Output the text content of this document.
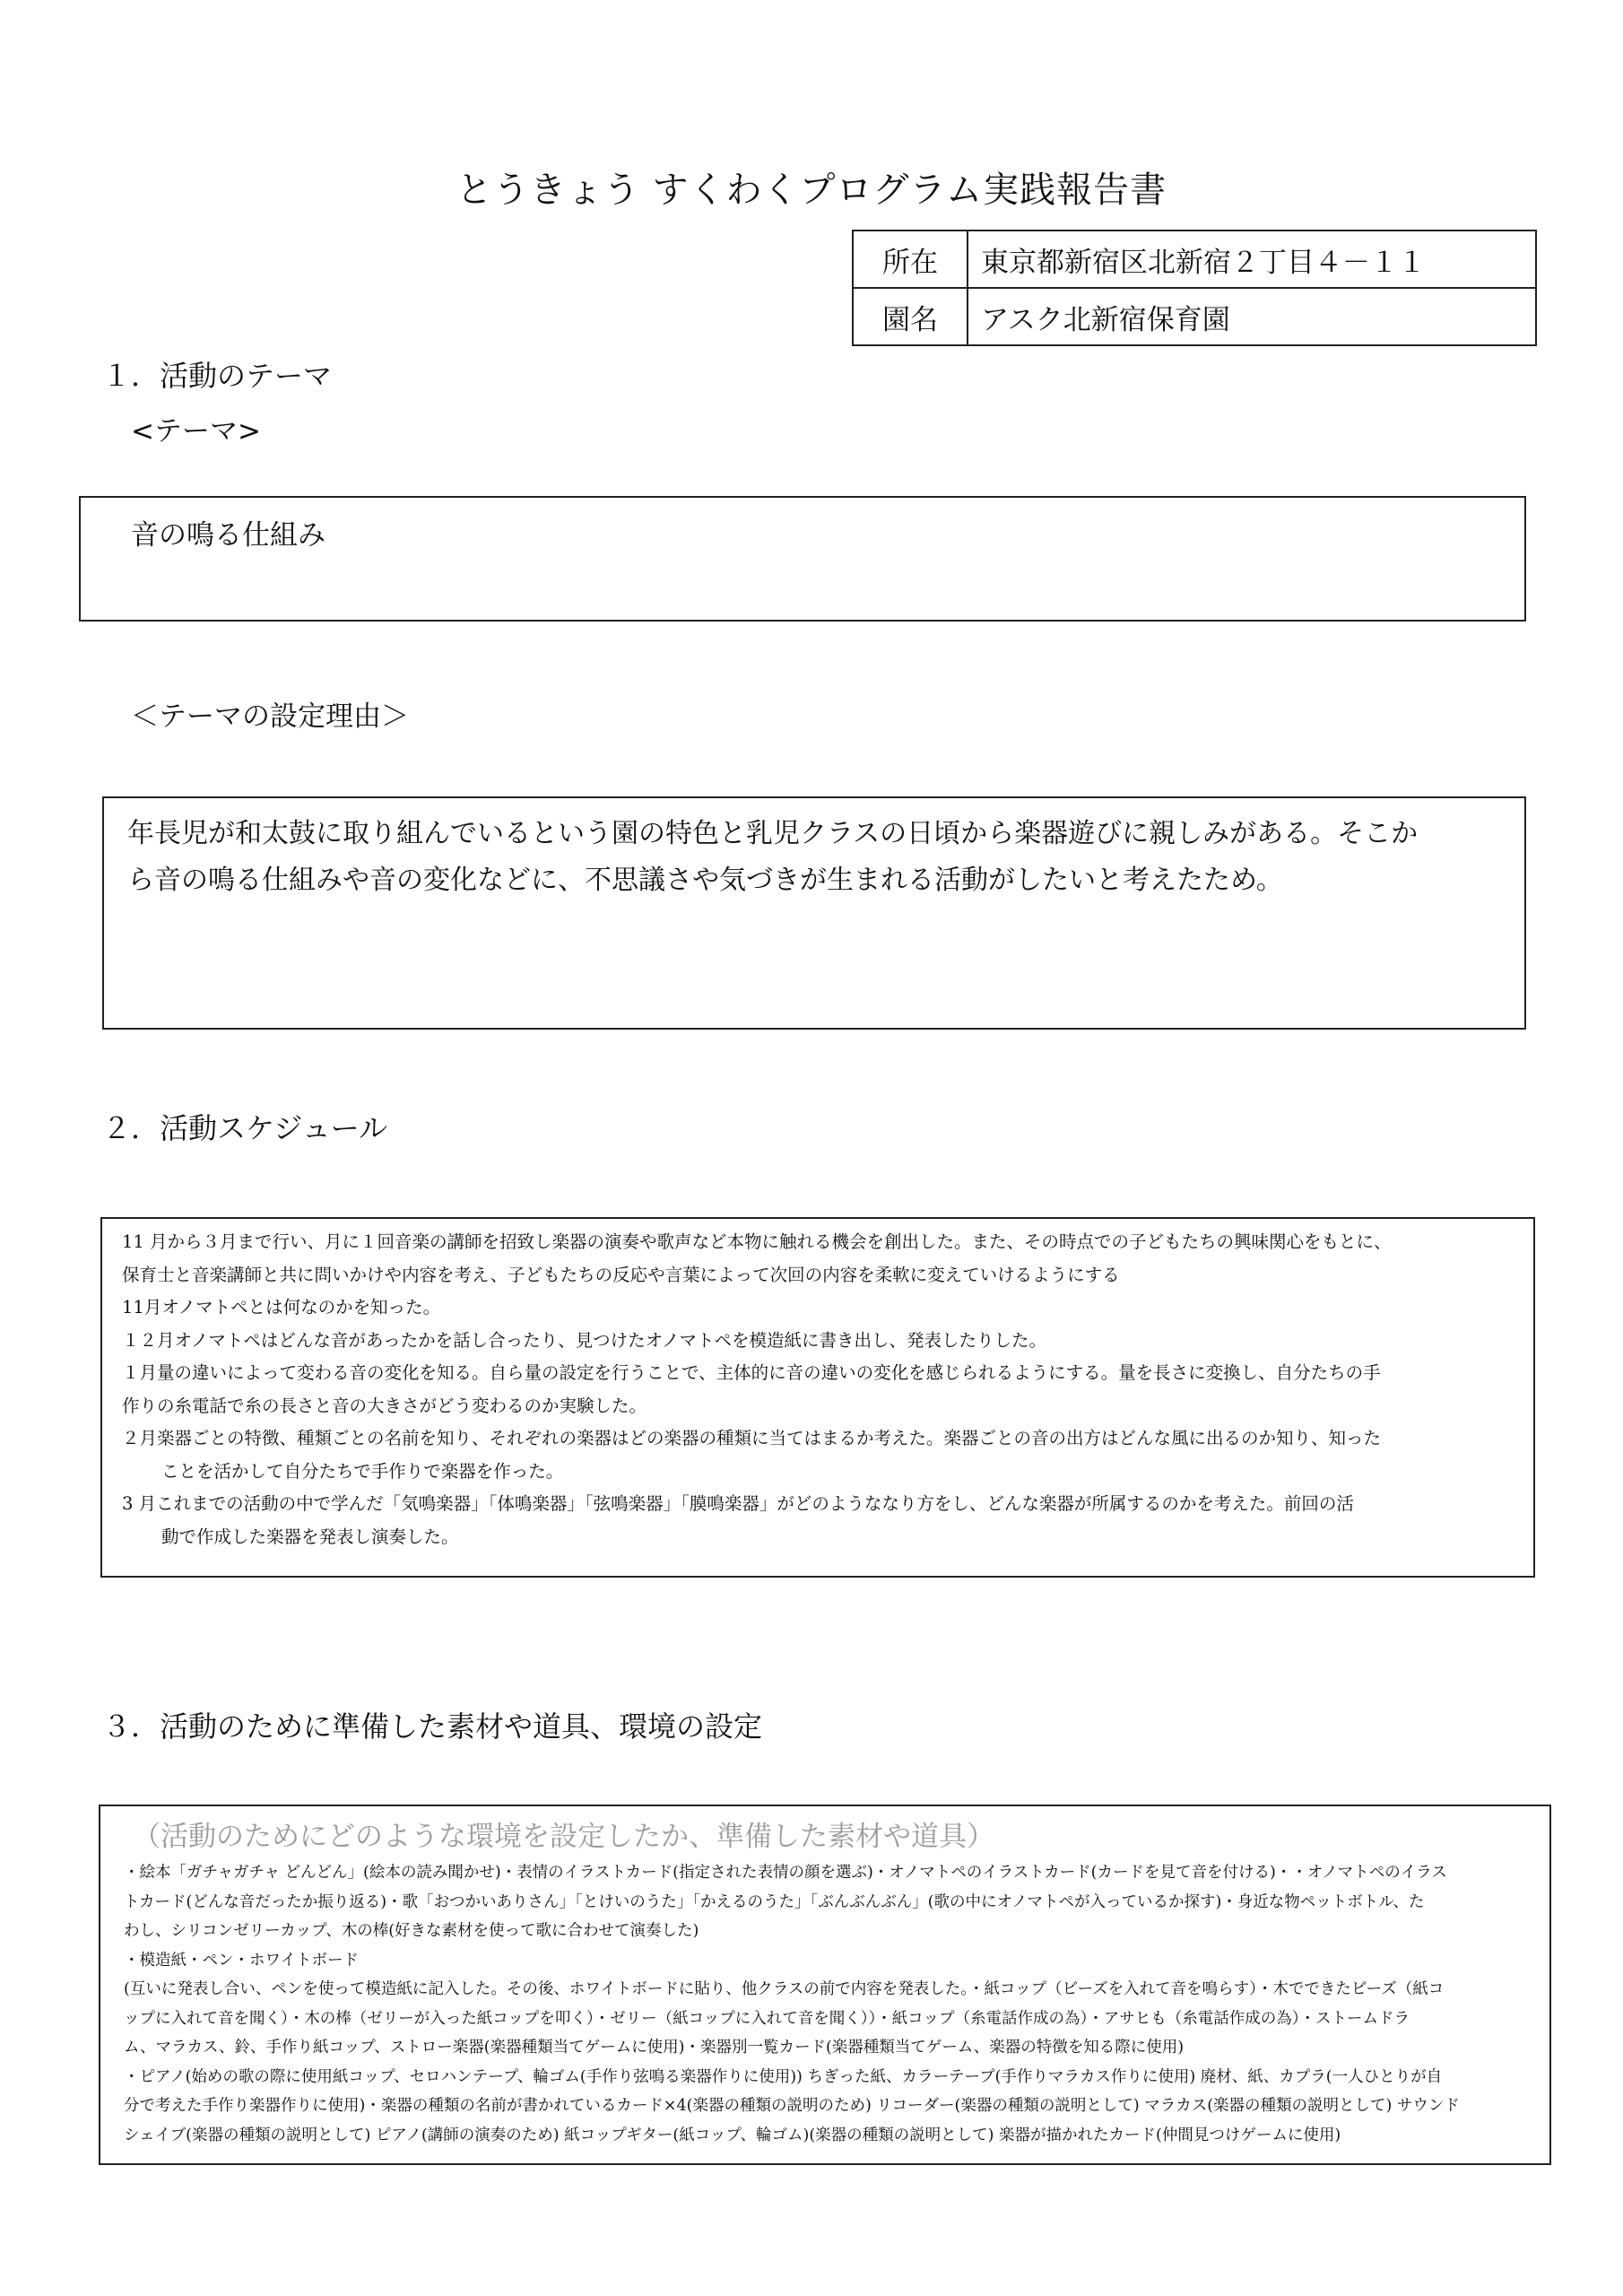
とうきょう すくわくプログラム実践報告書
所在	東京都新宿区北新宿２丁目４－１１
園名	アスク北新宿保育園
１．活動のテーマ
<テーマ>
音の鳴る仕組み
＜テーマの設定理由＞
年長児が和太鼓に取り組んでいるという園の特色と乳児クラスの日頃から楽器遊びに親しみがある。そこか
ら音の鳴る仕組みや音の変化などに、不思議さや気づきが生まれる活動がしたいと考えたため。
２．活動スケジュール
11 月から３月まで行い、月に１回音楽の講師を招致し楽器の演奏や歌声など本物に触れる機会を創出した。また、その時点での子どもたちの興味関心をもとに、
保育士と音楽講師と共に問いかけや内容を考え、子どもたちの反応や言葉によって次回の内容を柔軟に変えていけるようにする
11月オノマトペとは何なのかを知った。
１２月オノマトペはどんな音があったかを話し合ったり、見つけたオノマトペを模造紙に書き出し、発表したりした。
１月量の違いによって変わる音の変化を知る。自ら量の設定を行うことで、主体的に音の違いの変化を感じられるようにする。量を長さに変換し、自分たちの手
作りの糸電話で糸の長さと音の大きさがどう変わるのか実験した。
２月楽器ごとの特徴、種類ごとの名前を知り、それぞれの楽器はどの楽器の種類に当てはまるか考えた。楽器ごとの音の出方はどんな風に出るのか知り、知った
ことを活かして自分たちで手作りで楽器を作った。
3 月これまでの活動の中で学んだ「気鳴楽器」「体鳴楽器」「弦鳴楽器」「膜鳴楽器」がどのようななり方をし、どんな楽器が所属するのかを考えた。前回の活
動で作成した楽器を発表し演奏した。
３．活動のために準備した素材や道具、環境の設定
（活動のためにどのような環境を設定したか、準備した素材や道具）
・絵本「ガチャガチャ どんどん」(絵本の読み聞かせ)・表情のイラストカード(指定された表情の顔を選ぶ)・オノマトペのイラストカード(カードを見て音を付ける)・・オノマトペのイラス
トカード(どんな音だったか振り返る)・歌「おつかいありさん」「とけいのうた」「かえるのうた」「ぶんぶんぶん」(歌の中にオノマトペが入っているか探す)・身近な物ペットボトル、た
わし、シリコンゼリーカップ、木の棒(好きな素材を使って歌に合わせて演奏した)
・模造紙・ペン・ホワイトボード
(互いに発表し合い、ペンを使って模造紙に記入した。その後、ホワイトボードに貼り、他クラスの前で内容を発表した。・紙コップ（ビーズを入れて音を鳴らす）・木でできたビーズ（紙コ
ップに入れて音を聞く）・木の棒（ゼリーが入った紙コップを叩く）・ゼリー（紙コップに入れて音を聞く））・紙コップ（糸電話作成の為）・アサヒも（糸電話作成の為）・ストームドラ
ム、マラカス、鈴、手作り紙コップ、ストロー楽器(楽器種類当てゲームに使用)・楽器別一覧カード(楽器種類当てゲーム、楽器の特徴を知る際に使用)
・ピアノ(始めの歌の際に使用紙コップ、セロハンテープ、輪ゴム(手作り弦鳴る楽器作りに使用)) ちぎった紙、カラーテープ(手作りマラカス作りに使用) 廃材、紙、カプラ(一人ひとりが自
分で考えた手作り楽器作りに使用)・楽器の種類の名前が書かれているカード×4(楽器の種類の説明のため) リコーダー(楽器の種類の説明として) マラカス(楽器の種類の説明として) サウンド
シェイブ(楽器の種類の説明として) ピアノ(講師の演奏のため) 紙コップギター(紙コップ、輪ゴム)(楽器の種類の説明として) 楽器が描かれたカード(仲間見つけゲームに使用)
